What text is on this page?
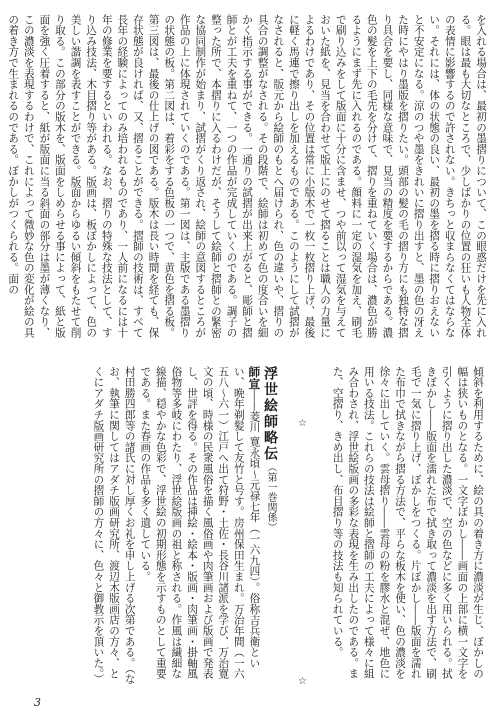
を入れる場合は、最初の墨摺りについて、この眼惑だけを先に入れる。眼は最も大切なところで、少しばかりの位置の狂いも人物全体の表情に影響するので許されない。きちっと収まらなくてはならない。それには、体の状態の良い、最初の墨を摺る時に摺りおえないと不安定になる。涼のつや墨をきれいに摺り出すと、墨の色の冴えた時にやはり墨版を摺りたい。頭部の髪の毛の摺り方にも独特な摺り具合を要し、同様な意味で、見当の精度を要するからである。濃色の髪を上下の毛先を分けて、摺りを重ねていく場合は、濃色が勝るようにまず先に入れるのである。顔料に一定の湿気を加え、刷毛で刷り込みをして版面に十分に含ませ、つや前以って湿気を与えておいた紙を、見当を合わせて版上にのせて摺ることは職人の力量によるわけであり、その位置は常に小版木で一枚一枚摺り上げ、最後に軽く馬連で擦り出しを加えるものである。このようにして試摺がなされると、版元から絵師のもとへ届けられ、色の違いや、摺りの具合の調整がなされる。その段階で、絵師は初めて色の度合いを細かく指示する事ができる。一通りの試摺が出来上がると、彫師と摺師とが工夫を重ねて、一つの作品が完成していくのである。調子の整った所で、本摺りに入るわけだが、そうして絵師と摺師との緊密な協同制作が始まり、試摺がくり返され、絵師の意図するところが作品の上に体現されていくのである。第一図は、主版である墨摺りの状態の板。第二図は、着彩をする色板の一つで、黄色を摺る板。第三図は、最後の仕上げの図である。版木は長い時間を経ても、保存状態が良ければ、又、摺ることができる。摺師の技術は、すべて長年の経験によってのみ培われるものであり、一人前になるには十年の修業を要するといわれる。なお、摺りの特殊な技法として、すり込み技法、木目摺り等がある。版画は、板ぼかしによって、色の美しい諧調を表すことができる。版面からゆるい傾斜をもたせて削り取る。この部分の版木を、版面をしめらせる事によって、紙と版面を強く圧着すると、紙が版面に当る斜面の部分は墨が薄くなり、この濃淡を表現するわけで、これによって微妙な色の変化が絵の具の着き方で生まれるのである。ぼかしがつくられる。面の

傾斜を利用するために、絵の具の着き方に濃淡が生じ、ぼかしの幅は狭いものとなる。一文字ぼかし――画面の上部に横一文字を引くように摺り出した濃淡で、空の色などに多く用いられる。拭きぼかし――版面を濡れた布で拭き取って濃淡を出す方法で、刷毛で一気に摺り上げ、ぼかしをつくる。片ぼかし――版面を濡れた布巾で拭きながら摺る方法で、平らな板木を使い、色の濃淡を徐々に出していく。雲母摺り――雲母の粉を膠水と混ぜ、地色に用いる技法。これらの技法は絵師と摺師の工夫によって様々に組み合わされ、浮世絵版画の多彩な表現を生み出したのである。また、空摺り、きめ出し、布目摺り等の技法も知られている。

☆
☆

浮世絵師略伝（第一巻関係）

師宣――菱川 寛永頃〜元禄七年（一六九四）。俗称吉兵衛といい、晩年剃髪して友竹と号す。房州保田生まれ。万治年間（一六五八〜六一）江戸へ出て狩野・土佐・長谷川諸派を学び、万治寛文の頃、時様の民衆風俗を描く風俗画や肉筆画および版画で発表し、世評を得る。その作品は挿絵・絵本・版画・肉筆画・掛軸風俗物等多岐にわたり、浮世絵版画の祖と称される。作風は繊細な線描、穏やかな色彩で、浮世絵の初期形態を示すものとして重要である。また春画の作品も多く遺している。

村田勝四郎等の諸氏に対し厚くお礼を申し上げる次第である。（なお、執筆に関してはアダチ版画研究所、渡辺木版画店の方々、とくにアダチ版画研究所の摺師の方々に、色々と御教示を頂いた。）

3
